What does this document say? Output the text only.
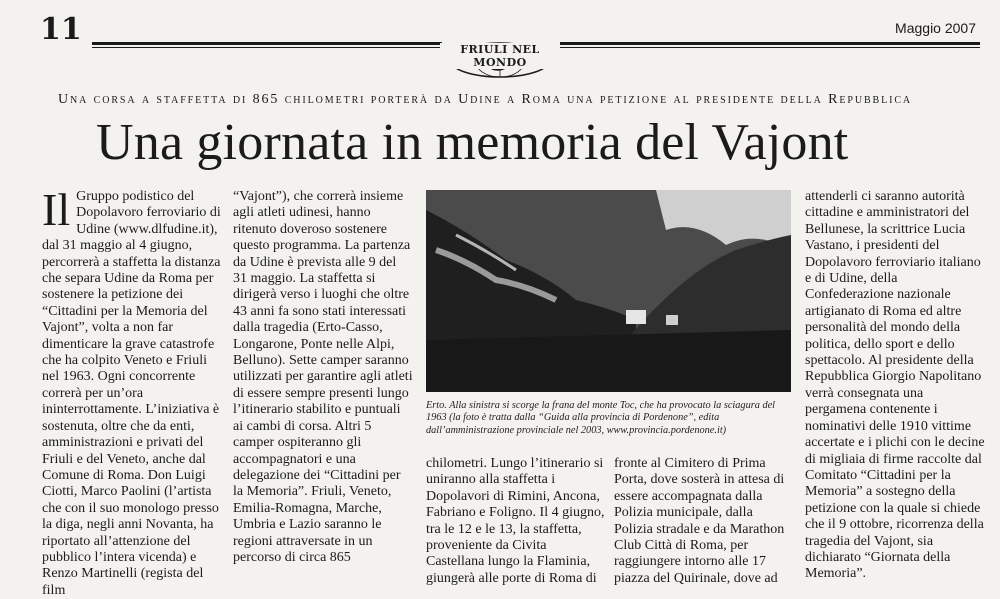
11	Maggio 2007
FRIULI NEL MONDO
Una corsa a staffetta di 865 chilometri porterà da Udine a Roma una petizione al presidente della Repubblica
Una giornata in memoria del Vajont
Il Gruppo podistico del Dopolavoro ferroviario di Udine (www.dlfudine.it), dal 31 maggio al 4 giugno, percorrerà a staffetta la distanza che separa Udine da Roma per sostenere la petizione dei “Cittadini per la Memoria del Vajont”, volta a non far dimenticare la grave catastrofe che ha colpito Veneto e Friuli nel 1963. Ogni concorrente correrà per un’ora ininterrottamente. L’iniziativa è sostenuta, oltre che da enti, amministrazioni e privati del Friuli e del Veneto, anche dal Comune di Roma. Don Luigi Ciotti, Marco Paolini (l’artista che con il suo monologo presso la diga, negli anni Novanta, ha riportato all’attenzione del pubblico l’intera vicenda) e Renzo Martinelli (regista del film

“Vajont”), che correrà insieme agli atleti udinesi, hanno ritenuto doveroso sostenere questo programma. La partenza da Udine è prevista alle 9 del 31 maggio. La staffetta si dirigerà verso i luoghi che oltre 43 anni fa sono stati interessati dalla tragedia (Erto-Casso, Longarone, Ponte nelle Alpi, Belluno). Sette camper saranno utilizzati per garantire agli atleti di essere sempre presenti lungo l’itinerario stabilito e puntuali ai cambi di corsa. Altri 5 camper ospiteranno gli accompagnatori e una delegazione dei “Cittadini per la Memoria”. Friuli, Veneto, Emilia-Romagna, Marche, Umbria e Lazio saranno le regioni attraversate in un percorso di circa 865

Erto. Alla sinistra si scorge la frana del monte Toc, che ha provocato la sciagura del 1963 (la foto è tratta dalla “Guida alla provincia di Pordenone”, edita dall’amministrazione provinciale nel 2003, www.provincia.pordenone.it)

chilometri. Lungo l’itinerario si uniranno alla staffetta i Dopolavori di Rimini, Ancona, Fabriano e Foligno. Il 4 giugno, tra le 12 e le 13, la staffetta, proveniente da Civita Castellana lungo la Flaminia, giungerà alle porte di Roma di

fronte al Cimitero di Prima Porta, dove sosterà in attesa di essere accompagnata dalla Polizia municipale, dalla Polizia stradale e da Marathon Club Città di Roma, per raggiungere intorno alle 17 piazza del Quirinale, dove ad

attenderli ci saranno autorità cittadine e amministratori del Bellunese, la scrittrice Lucia Vastano, i presidenti del Dopolavoro ferroviario italiano e di Udine, della Confederazione nazionale artigianato di Roma ed altre personalità del mondo della politica, dello sport e dello spettacolo. Al presidente della Repubblica Giorgio Napolitano verrà consegnata una pergamena contenente i nominativi delle 1910 vittime accertate e i plichi con le decine di migliaia di firme raccolte dal Comitato “Cittadini per la Memoria” a sostegno della petizione con la quale si chiede che il 9 ottobre, ricorrenza della tragedia del Vajont, sia dichiarato “Giornata della Memoria”.
